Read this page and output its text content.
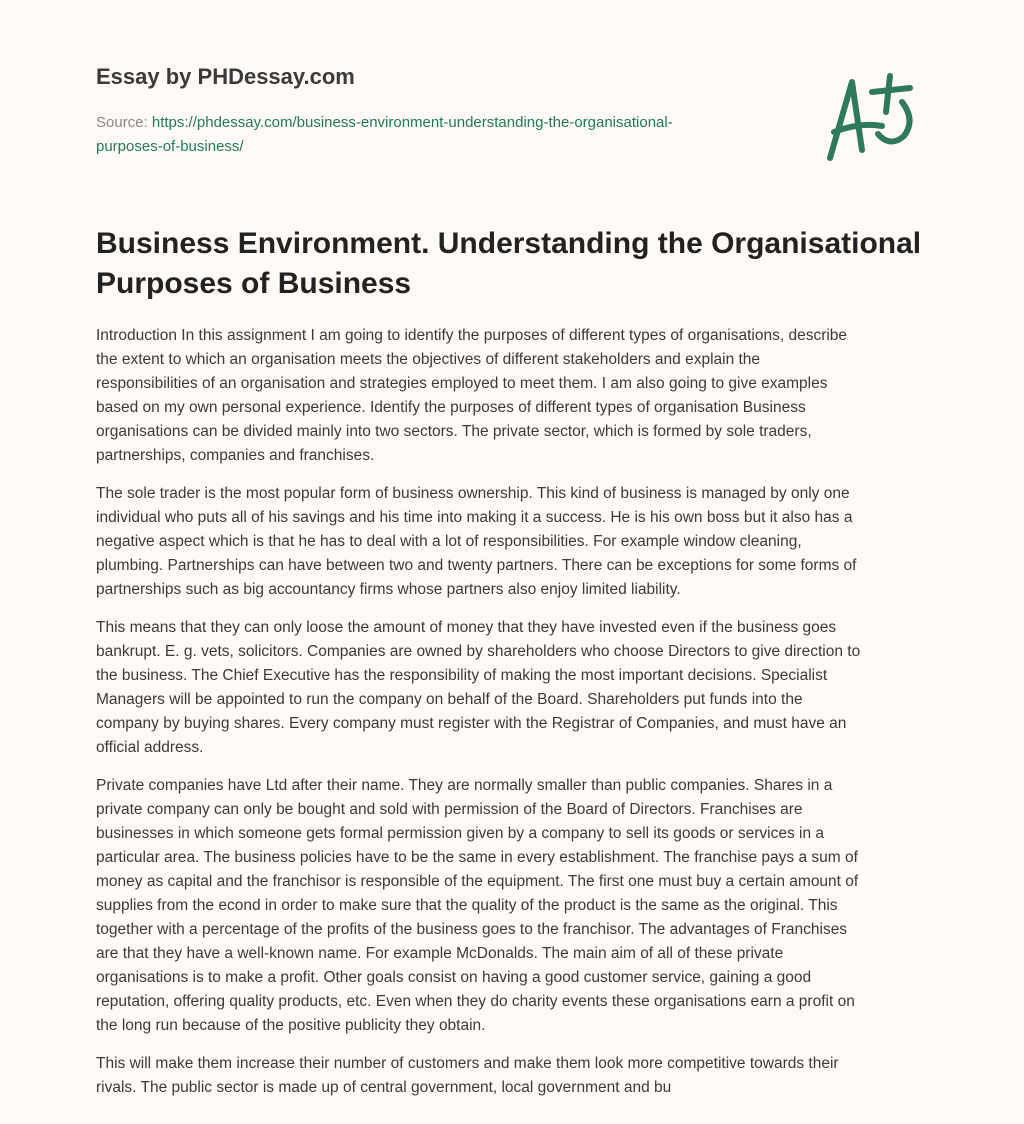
Essay by PHDessay.com
Source: https://phdessay.com/business-environment-understanding-the-organisational-
purposes-of-business/
Business Environment. Understanding the Organisational
Purposes of Business

Introduction In this assignment I am going to identify the purposes of different types of organisations, describe
the extent to which an organisation meets the objectives of different stakeholders and explain the
responsibilities of an organisation and strategies employed to meet them. I am also going to give examples
based on my own personal experience. Identify the purposes of different types of organisation Business
organisations can be divided mainly into two sectors. The private sector, which is formed by sole traders,
partnerships, companies and franchises.

The sole trader is the most popular form of business ownership. This kind of business is managed by only one
individual who puts all of his savings and his time into making it a success. He is his own boss but it also has a
negative aspect which is that he has to deal with a lot of responsibilities. For example window cleaning,
plumbing. Partnerships can have between two and twenty partners. There can be exceptions for some forms of
partnerships such as big accountancy firms whose partners also enjoy limited liability.

This means that they can only loose the amount of money that they have invested even if the business goes
bankrupt. E. g. vets, solicitors. Companies are owned by shareholders who choose Directors to give direction to
the business. The Chief Executive has the responsibility of making the most important decisions. Specialist
Managers will be appointed to run the company on behalf of the Board. Shareholders put funds into the
company by buying shares. Every company must register with the Registrar of Companies, and must have an
official address.

Private companies have Ltd after their name. They are normally smaller than public companies. Shares in a
private company can only be bought and sold with permission of the Board of Directors. Franchises are
businesses in which someone gets formal permission given by a company to sell its goods or services in a
particular area. The business policies have to be the same in every establishment. The franchise pays a sum of
money as capital and the franchisor is responsible of the equipment. The first one must buy a certain amount of
supplies from the econd in order to make sure that the quality of the product is the same as the original. This
together with a percentage of the profits of the business goes to the franchisor. The advantages of Franchises
are that they have a well-known name. For example McDonalds. The main aim of all of these private
organisations is to make a profit. Other goals consist on having a good customer service, gaining a good
reputation, offering quality products, etc. Even when they do charity events these organisations earn a profit on
the long run because of the positive publicity they obtain.

This will make them increase their number of customers and make them look more competitive towards their
rivals. The public sector is made up of central government, local government and bu
